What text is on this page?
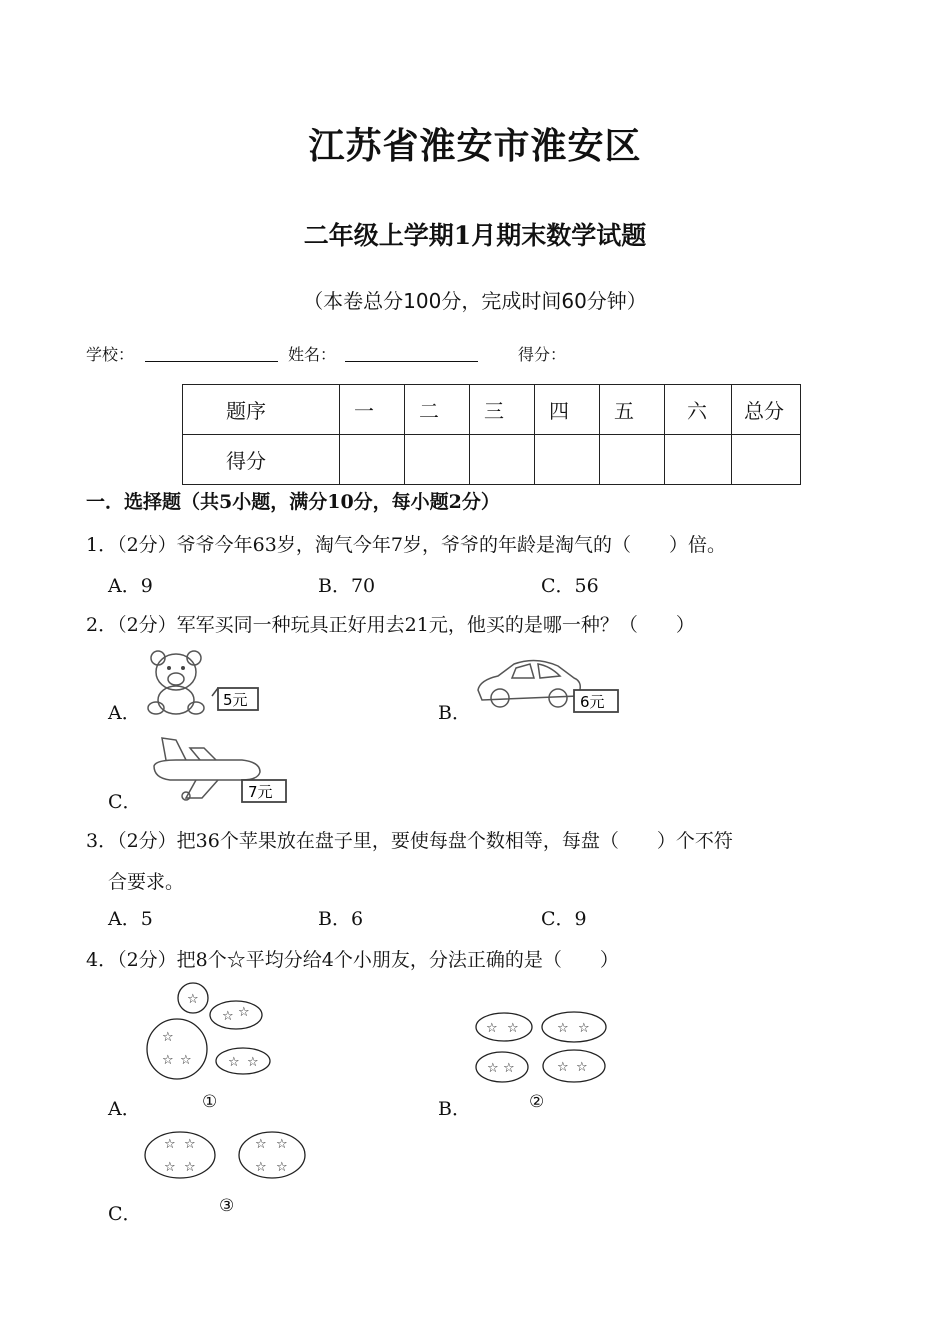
江苏省淮安市淮安区
二年级上学期1月期末数学试题
（本卷总分100分，完成时间60分钟）
学校：	姓名：	得分：
题序	一	二	三	四	五	六	总分
得分							
一．选择题（共5小题，满分10分，每小题2分）
1．（2分）爷爷今年63岁，淘气今年7岁，爷爷的年龄是淘气的（　　）倍。
A．9	B．70	C．56
2．（2分）军军买同一种玩具正好用去21元，他买的是哪一种？（　　）
A．
5元
B．	6元
C．	7元
3．（2分）把36个苹果放在盘子里，要使每盘个数相等，每盘（　　）个不符
合要求。
A．5	B．6	C．9
4．（2分）把8个☆平均分给4个小朋友，分法正确的是（　　）
☆
☆ ☆
☆
☆ ☆	☆ ☆
A．	①
☆ ☆	☆ ☆
☆ ☆	☆ ☆
B．	②
☆ ☆
☆ ☆
☆ ☆
☆ ☆
C．	③
